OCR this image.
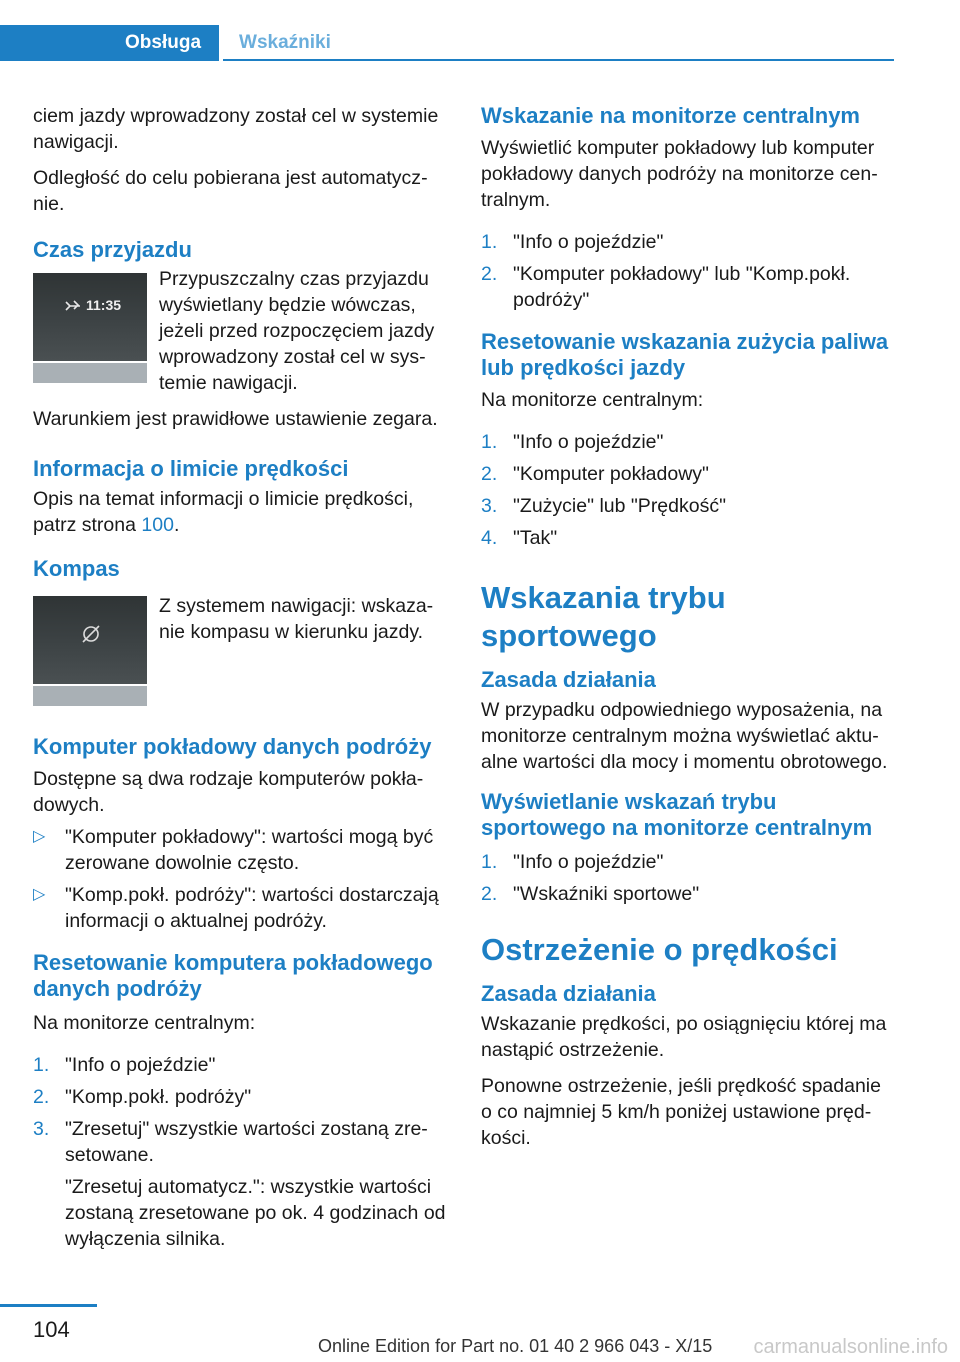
Obsługa	Wskaźniki

ciem jazdy wprowadzony został cel w systemie nawigacji.

Odległość do celu pobierana jest automatycznie.

Czas przyjazdu
11:35

Przypuszczalny czas przyjazdu wyświetlany będzie wówczas, jeżeli przed rozpoczęciem jazdy wprowadzony został cel w systemie nawigacji.

Warunkiem jest prawidłowe ustawienie zegara.

Informacja o limicie prędkości

Opis na temat informacji o limicie prędkości, patrz strona 100.

Kompas

Z systemem nawigacji: wskazanie kompasu w kierunku jazdy.

Komputer pokładowy danych podróży

Dostępne są dwa rodzaje komputerów pokładowych.

▷	"Komputer pokładowy": wartości mogą być zerowane dowolnie często.
▷	"Komp.pokł. podróży": wartości dostarczają informacji o aktualnej podróży.
Resetowanie komputera pokładowego danych podróży

Na monitorze centralnym:

1. "Info o pojeździe"
2. "Komp.pokł. podróży"
3. "Zresetuj" wszystkie wartości zostaną zresetowane.
"Zresetuj automatycz.": wszystkie wartości zostaną zresetowane po ok. 4 godzinach od wyłączenia silnika.
Wskazanie na monitorze centralnym

Wyświetlić komputer pokładowy lub komputer pokładowy danych podróży na monitorze centralnym.

1. "Info o pojeździe"
2. "Komputer pokładowy" lub "Komp.pokł. podróży"
Resetowanie wskazania zużycia paliwa lub prędkości jazdy

Na monitorze centralnym:

1. "Info o pojeździe"
2. "Komputer pokładowy"
3. "Zużycie" lub "Prędkość"
4. "Tak"
Wskazania trybu sportowego
Zasada działania

W przypadku odpowiedniego wyposażenia, na monitorze centralnym można wyświetlać aktualne wartości dla mocy i momentu obrotowego.

Wyświetlanie wskazań trybu sportowego na monitorze centralnym
1. "Info o pojeździe"
2. "Wskaźniki sportowe"
Ostrzeżenie o prędkości
Zasada działania

Wskazanie prędkości, po osiągnięciu której ma nastąpić ostrzeżenie.

Ponowne ostrzeżenie, jeśli prędkość spadanie o co najmniej 5 km/h poniżej ustawione prędkości.

104
Online Edition for Part no. 01 40 2 966 043 - X/15 carmanualsonline.info
